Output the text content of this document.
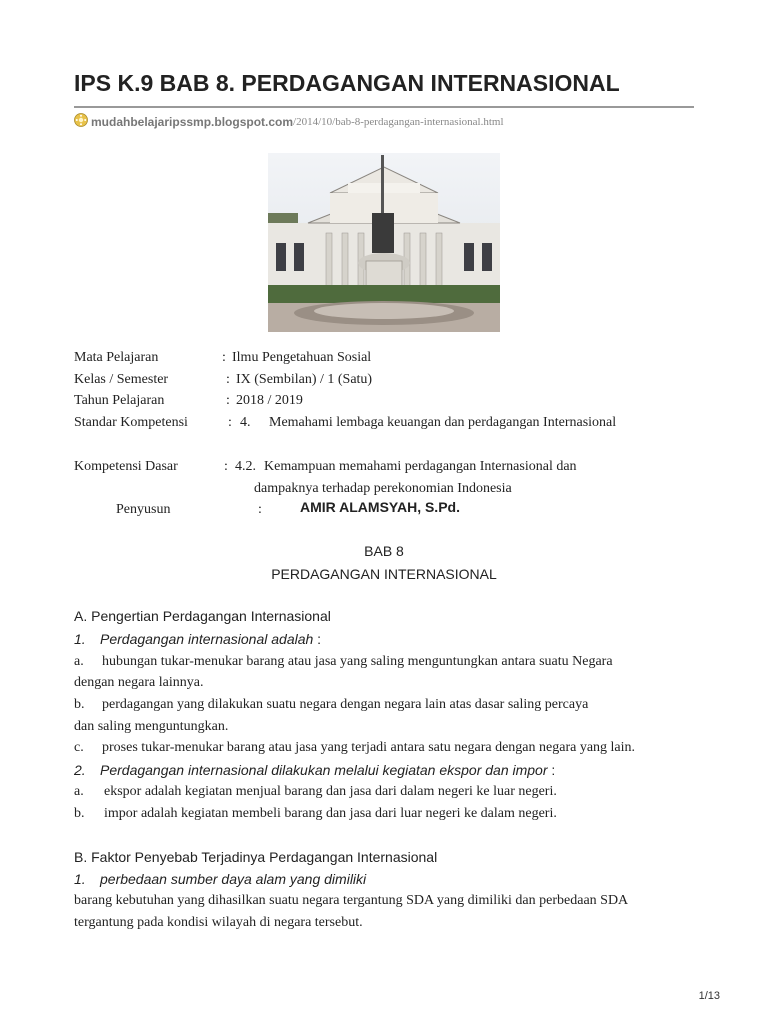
IPS K.9 BAB 8. PERDAGANGAN INTERNASIONAL
mudahbelajaripssmp.blogspot.com /2014/10/bab-8-perdagangan-internasional.html
Mata Pelajaran	: Ilmu Pengetahuan Sosial
Kelas / Semester	: IX (Sembilan) / 1 (Satu)
Tahun Pelajaran	: 2018 / 2019
Standar Kompetensi	: 4. Memahami lembaga keuangan dan perdagangan Internasional
Kompetensi Dasar	: 4.2. Kemampuan memahami perdagangan Internasional dan
dampaknya terhadap perekonomian Indonesia
Penyusun	:	AMIR ALAMSYAH, S.Pd.
BAB 8
PERDAGANGAN INTERNASIONAL
A. Pengertian Perdagangan Internasional
1. Perdagangan internasional adalah :
a. hubungan tukar-menukar barang atau jasa yang saling menguntungkan antara suatu Negara
dengan negara lainnya.
b. perdagangan yang dilakukan suatu negara dengan negara lain atas dasar saling percaya
dan saling menguntungkan.
c. proses tukar-menukar barang atau jasa yang terjadi antara satu negara dengan negara yang lain.
2. Perdagangan internasional dilakukan melalui kegiatan ekspor dan impor :
a. ekspor adalah kegiatan menjual barang dan jasa dari dalam negeri ke luar negeri.
b. impor adalah kegiatan membeli barang dan jasa dari luar negeri ke dalam negeri.
B. Faktor Penyebab Terjadinya Perdagangan Internasional
1. perbedaan sumber daya alam yang dimiliki
barang kebutuhan yang dihasilkan suatu negara tergantung SDA yang dimiliki dan perbedaan SDA
tergantung pada kondisi wilayah di negara tersebut.
1/13
